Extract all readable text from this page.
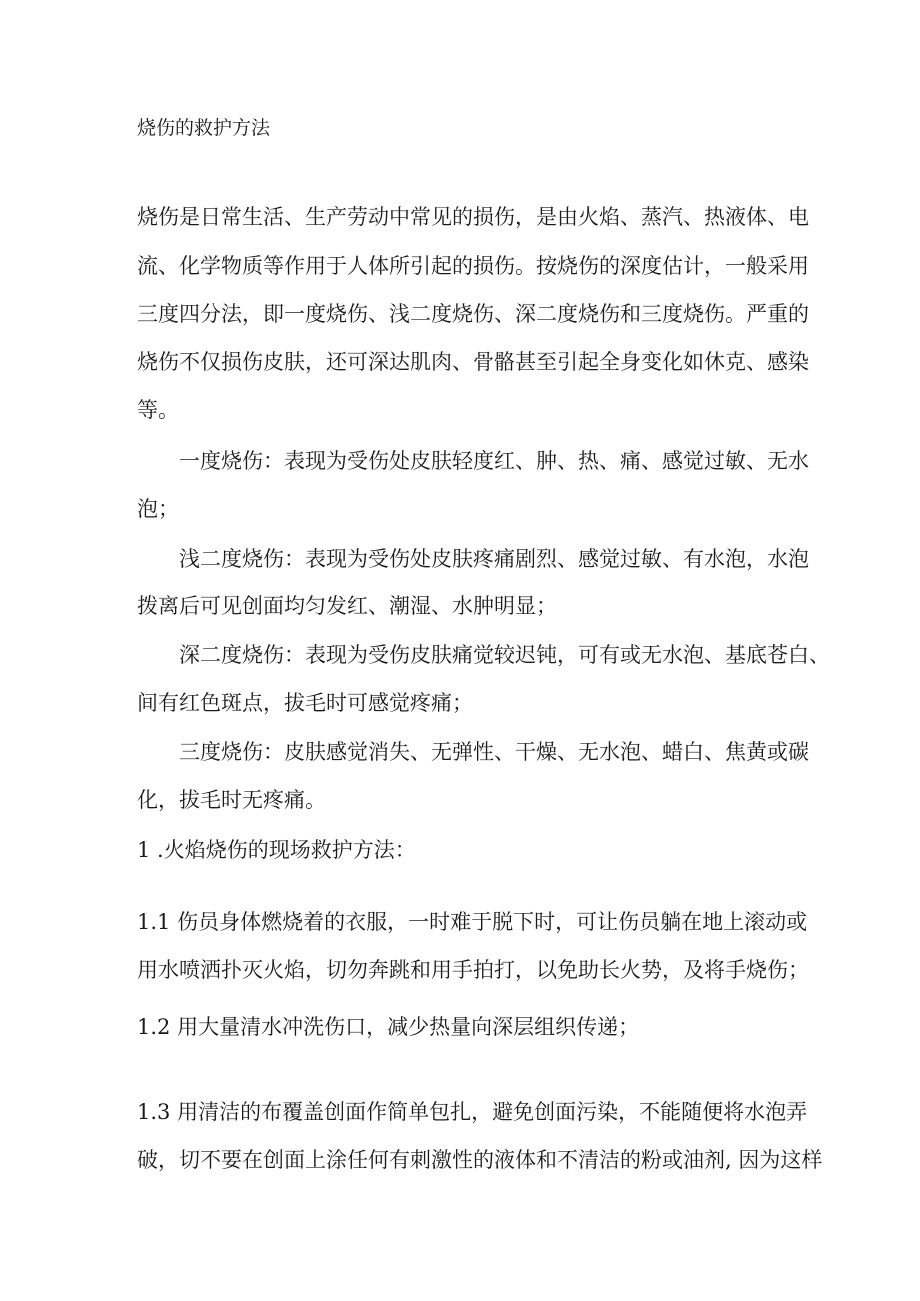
烧伤的救护方法

烧伤是日常生活、生产劳动中常见的损伤，是由火焰、蒸汽、热液体、电

流、化学物质等作用于人体所引起的损伤。按烧伤的深度估计，一般采用

三度四分法，即一度烧伤、浅二度烧伤、深二度烧伤和三度烧伤。严重的

烧伤不仅损伤皮肤，还可深达肌肉、骨骼甚至引起全身变化如休克、感染

等。

一度烧伤：表现为受伤处皮肤轻度红、肿、热、痛、感觉过敏、无水

泡；

浅二度烧伤：表现为受伤处皮肤疼痛剧烈、感觉过敏、有水泡，水泡

拨离后可见创面均匀发红、潮湿、水肿明显；

深二度烧伤：表现为受伤皮肤痛觉较迟钝，可有或无水泡、基底苍白、

间有红色斑点，拔毛时可感觉疼痛；

三度烧伤：皮肤感觉消失、无弹性、干燥、无水泡、蜡白、焦黄或碳

化，拔毛时无疼痛。

1 .火焰烧伤的现场救护方法：

1.1 伤员身体燃烧着的衣服，一时难于脱下时，可让伤员躺在地上滚动或

用水喷洒扑灭火焰，切勿奔跳和用手拍打，以免助长火势，及将手烧伤；

1.2 用大量清水冲洗伤口，减少热量向深层组织传递；

1.3 用清洁的布覆盖创面作简单包扎，避免创面污染，不能随便将水泡弄

破，切不要在创面上涂任何有刺激性的液体和不清洁的粉或油剂, 因为这样
